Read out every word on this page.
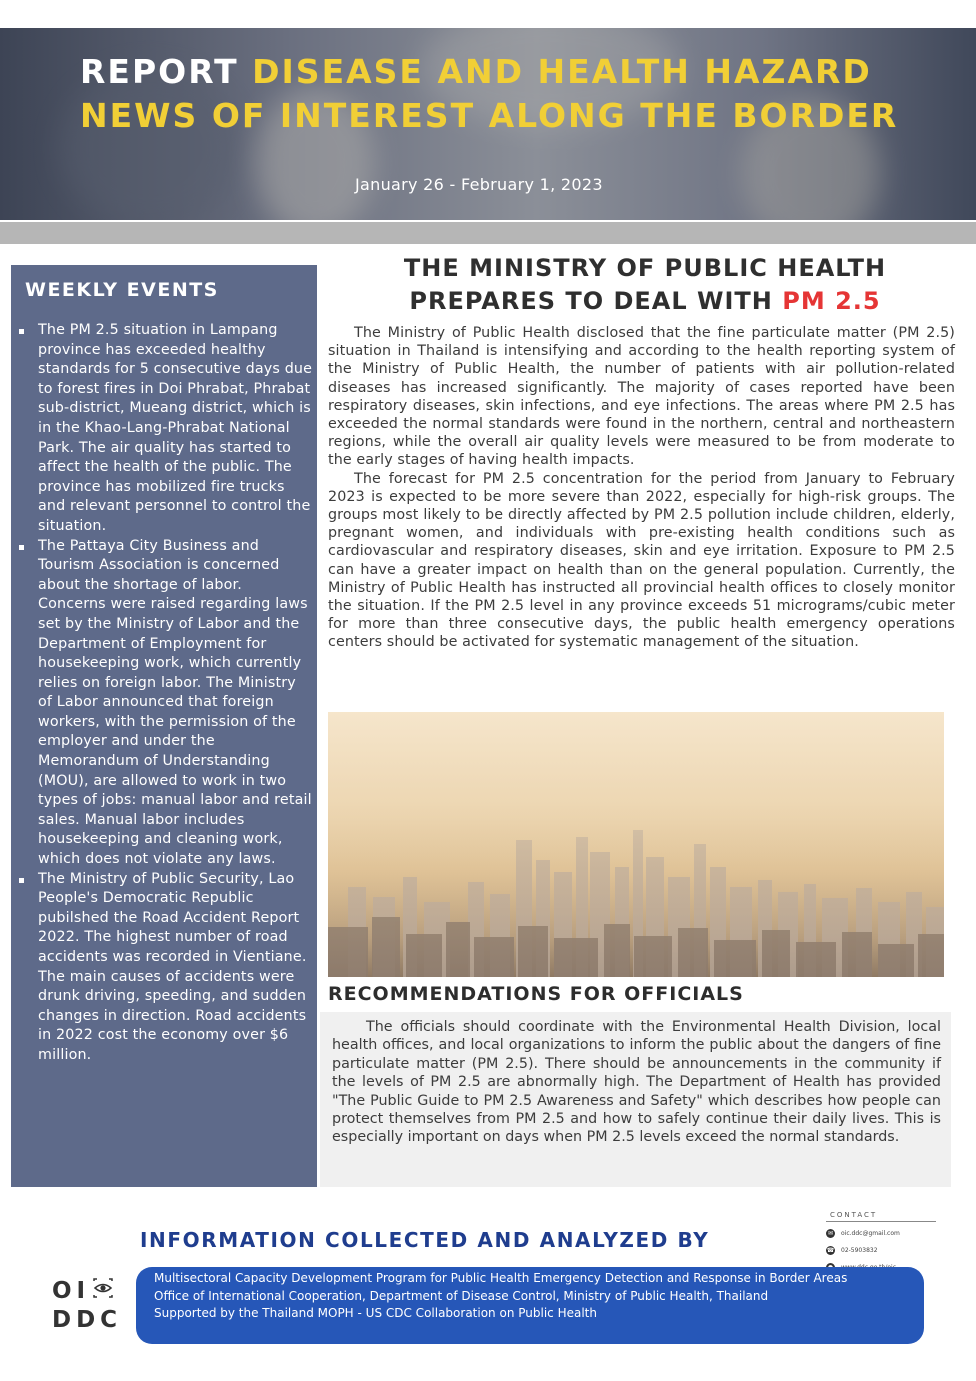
REPORT DISEASE AND HEALTH HAZARD
NEWS OF INTEREST ALONG THE BORDER
January 26 - February 1, 2023
WEEKLY EVENTS
The PM 2.5 situation in Lampang province has exceeded healthy standards for 5 consecutive days due to forest fires in Doi Phrabat, Phrabat sub-district, Mueang district, which is in the Khao-Lang-Phrabat National Park. The air quality has started to affect the health of the public. The province has mobilized fire trucks and relevant personnel to control the situation.
The Pattaya City Business and Tourism Association is concerned about the shortage of labor. Concerns were raised regarding laws set by the Ministry of Labor and the Department of Employment for housekeeping work, which currently relies on foreign labor. The Ministry of Labor announced that foreign workers, with the permission of the employer and under the Memorandum of Understanding (MOU), are allowed to work in two types of jobs: manual labor and retail sales. Manual labor includes housekeeping and cleaning work, which does not violate any laws.
The Ministry of Public Security, Lao People's Democratic Republic pubilshed the Road Accident Report 2022. The highest number of road accidents was recorded in Vientiane. The main causes of accidents were drunk driving, speeding, and sudden changes in direction. Road accidents in 2022 cost the economy over $6 million.
THE MINISTRY OF PUBLIC HEALTH
PREPARES TO DEAL WITH PM 2.5

The Ministry of Public Health disclosed that the fine particulate matter (PM 2.5) situation in Thailand is intensifying and according to the health reporting system of the Ministry of Public Health, the number of patients with air pollution-related diseases has increased significantly. The majority of cases reported have been respiratory diseases, skin infections, and eye infections. The areas where PM 2.5 has exceeded the normal standards were found in the northern, central and northeastern regions, while the overall air quality levels were measured to be from moderate to the early stages of having health impacts.

The forecast for PM 2.5 concentration for the period from January to February 2023 is expected to be more severe than 2022, especially for high-risk groups. The groups most likely to be directly affected by PM 2.5 pollution include children, elderly, pregnant women, and individuals with pre-existing health conditions such as cardiovascular and respiratory diseases, skin and eye irritation. Exposure to PM 2.5 can have a greater impact on health than on the general population. Currently, the Ministry of Public Health has instructed all provincial health offices to closely monitor the situation. If the PM 2.5 level in any province exceeds 51 micrograms/cubic meter for more than three consecutive days, the public health emergency operations centers should be activated for systematic management of the situation.

RECOMMENDATIONS FOR OFFICIALS

The officials should coordinate with the Environmental Health Division, local health offices, and local organizations to inform the public about the dangers of fine particulate matter (PM 2.5). There should be announcements in the community if the levels of PM 2.5 are abnormally high. The Department of Health has provided "The Public Guide to PM 2.5 Awareness and Safety" which describes how people can protect themselves from PM 2.5 and how to safely continue their daily lives. This is especially important on days when PM 2.5 levels exceed the normal standards.

CONTACT
✉	oic.ddc@gmail.com
☎ 02-5903832
INFORMATION COLLECTED AND ANALYZED BY
OI
DDC
Multisectoral Capacity Development Program for Public Health Emergency Detection and Response in Border Areas
Office of International Cooperation, Department of Disease Control, Ministry of Public Health, Thailand
Supported by the Thailand MOPH - US CDC Collaboration on Public Health
